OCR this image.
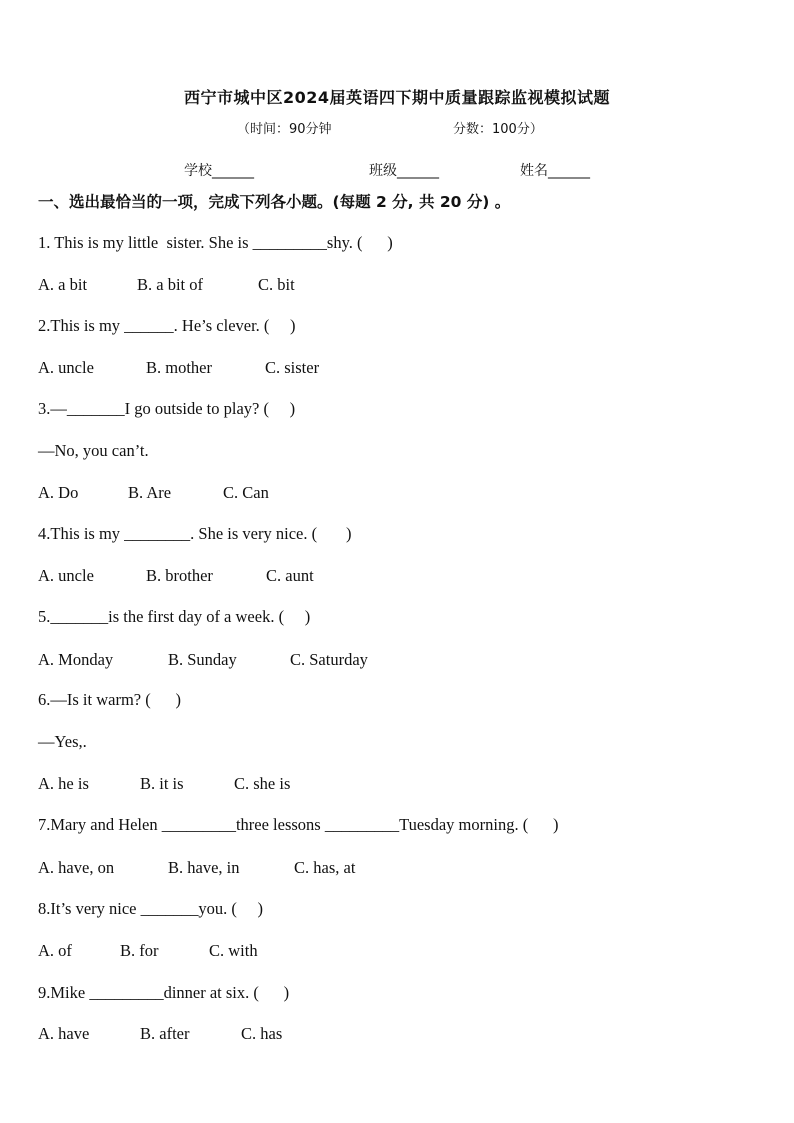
西宁市城中区2024届英语四下期中质量跟踪监视模拟试题
（时间：90分钟	分数：100分）
学校______	班级______	姓名______
一、选出最恰当的一项，完成下列各小题。(每题 2 分, 共 20 分) 。
1. This is my little  sister. She is _________shy. (      )
A. a bit	B. a bit of	C. bit
2.This is my ______. He’s clever. (     )
A. uncle	B. mother	C. sister
3.—_______I go outside to play? (     )
—No, you can’t.
A. Do	B. Are	C. Can
4.This is my ________. She is very nice. (       )
A. uncle	B. brother	C. aunt
5._______is the first day of a week. (     )
A. Monday	B. Sunday	C. Saturday
6.—Is it warm? (      )
—Yes,.
A. he is	B. it is	C. she is
7.Mary and Helen _________three lessons _________Tuesday morning. (      )
A. have, on	B. have, in	C. has, at
8.It’s very nice _______you. (     )
A. of	B. for	C. with
9.Mike _________dinner at six. (      )
A. have	B. after	C. has
